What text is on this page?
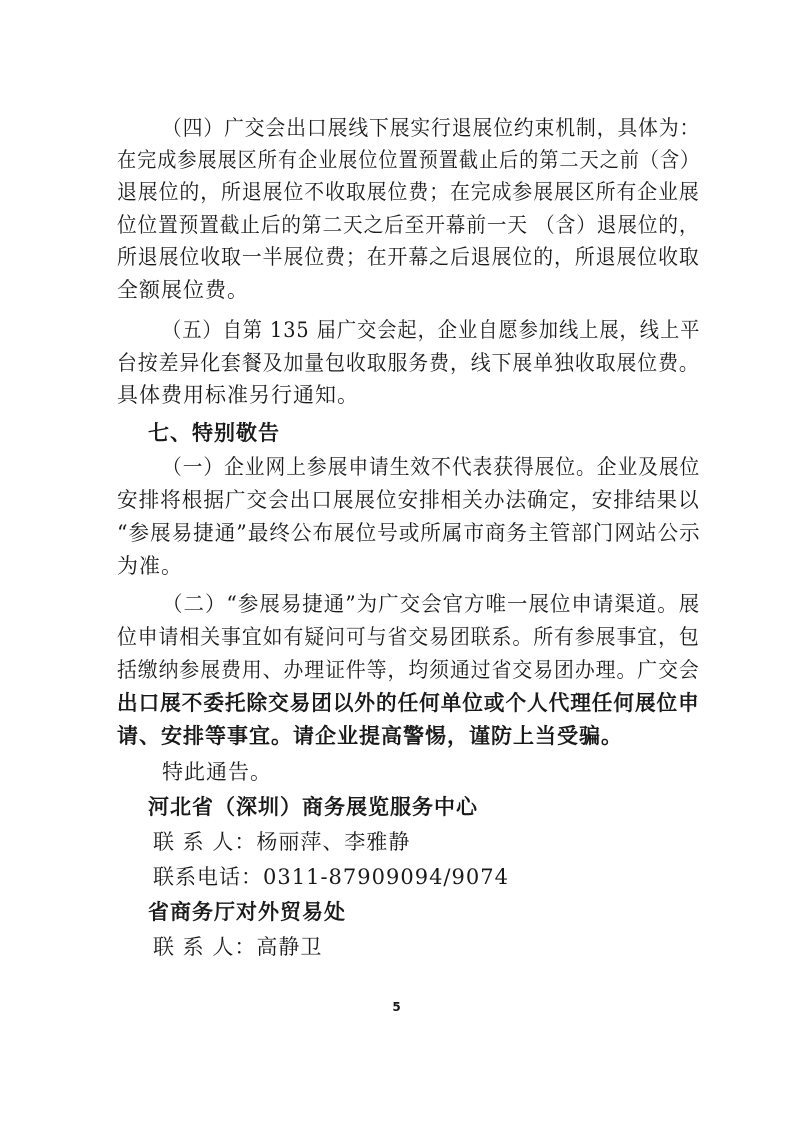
（四）广交会出口展线下展实行退展位约束机制，具体为：
在完成参展展区所有企业展位位置预置截止后的第二天之前（含）
退展位的，所退展位不收取展位费；在完成参展展区所有企业展
位位置预置截止后的第二天之后至开幕前一天 （含）退展位的，
所退展位收取一半展位费；在开幕之后退展位的，所退展位收取
全额展位费。
（五）自第 135 届广交会起，企业自愿参加线上展，线上平
台按差异化套餐及加量包收取服务费，线下展单独收取展位费。
具体费用标准另行通知。
七、特别敬告
（一）企业网上参展申请生效不代表获得展位。企业及展位
安排将根据广交会出口展展位安排相关办法确定，安排结果以
“参展易捷通”最终公布展位号或所属市商务主管部门网站公示
为准。
（二）“参展易捷通”为广交会官方唯一展位申请渠道。展
位申请相关事宜如有疑问可与省交易团联系。所有参展事宜，包
括缴纳参展费用、办理证件等，均须通过省交易团办理。广交会
出口展不委托除交易团以外的任何单位或个人代理任何展位申
请、安排等事宜。请企业提高警惕，谨防上当受骗。
特此通告。
河北省（深圳）商务展览服务中心
联 系 人：杨丽萍、李雅静
联系电话：0311-87909094/9074
省商务厅对外贸易处
联 系 人：高静卫
5
